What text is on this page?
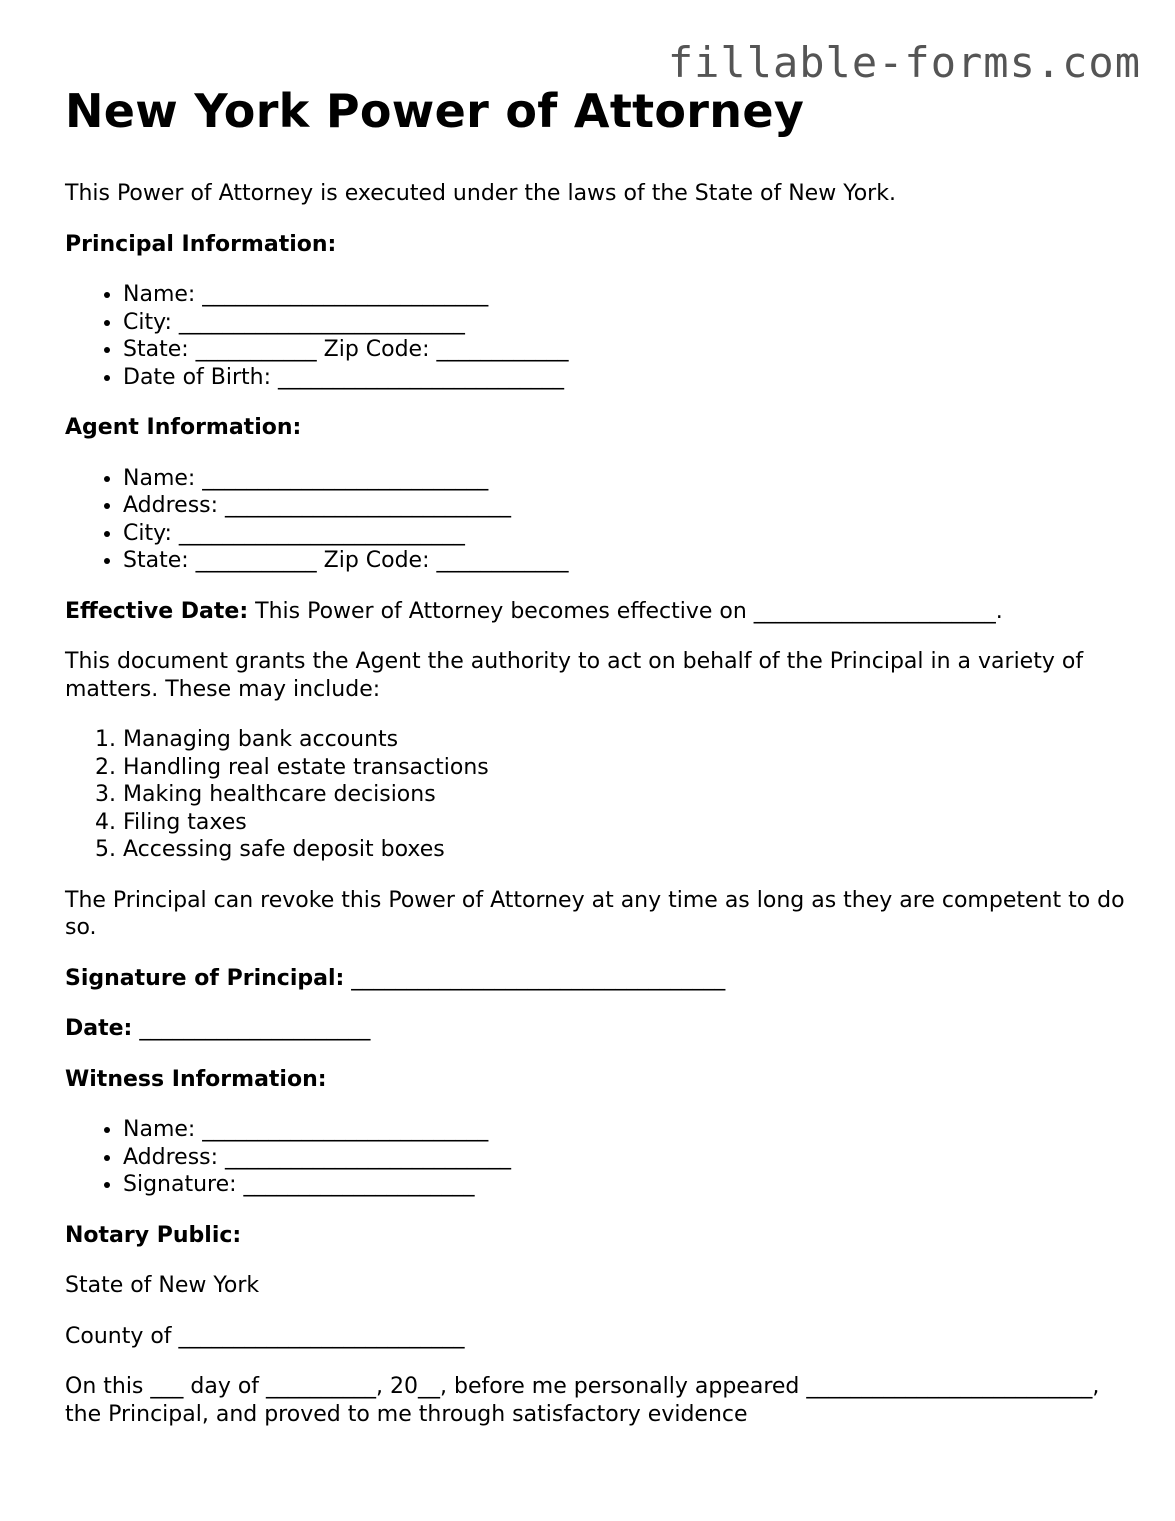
fillable-forms.com
New York Power of Attorney

This Power of Attorney is executed under the laws of the State of New York.

Principal Information:

• Name: __________________________
• City: __________________________
• State: ___________ Zip Code: ____________
• Date of Birth: __________________________

Agent Information:

• Name: __________________________
• Address: __________________________
• City: __________________________
• State: ___________ Zip Code: ____________

Effective Date: This Power of Attorney becomes effective on ______________________.

This document grants the Agent the authority to act on behalf of the Principal in a variety of matters. These may include:

1. Managing bank accounts
2. Handling real estate transactions
3. Making healthcare decisions
4. Filing taxes
5. Accessing safe deposit boxes

The Principal can revoke this Power of Attorney at any time as long as they are competent to do so.

Signature of Principal: __________________________________

Date: _____________________

Witness Information:

• Name: __________________________
• Address: __________________________
• Signature: _____________________

Notary Public:

State of New York

County of __________________________

On this ___ day of __________, 20__, before me personally appeared __________________________, the Principal, and proved to me through satisfactory evidence
